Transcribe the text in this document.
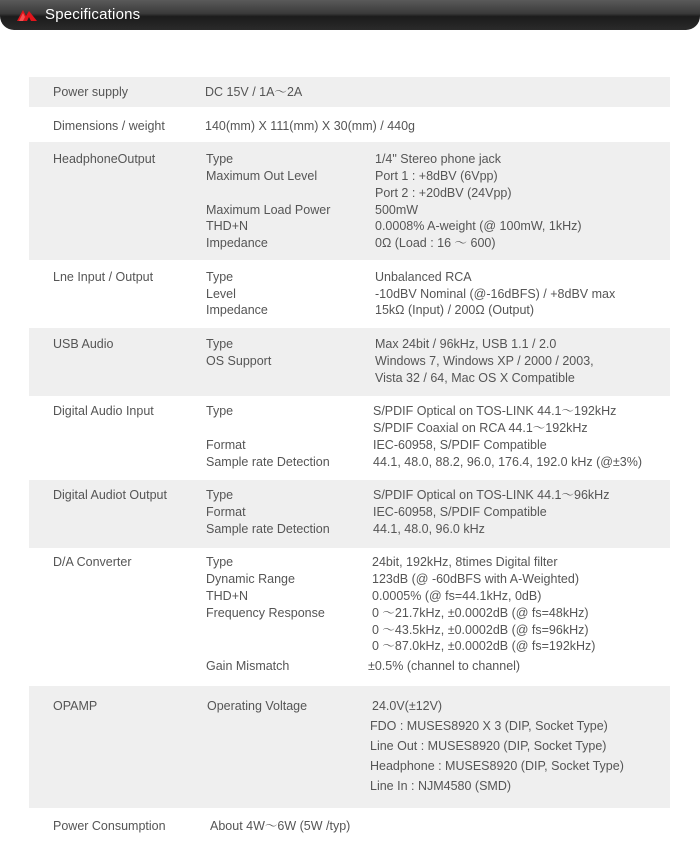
Specifications
Power supply	DC 15V / 1A～2A
Dimensions / weight	140(mm) X 111(mm) X 30(mm) / 440g
HeadphoneOutput	Type	1/4" Stereo phone jack
Maximum Out Level	Port 1 : +8dBV (6Vpp)
Port 2 : +20dBV (24Vpp)
Maximum Load Power	500mW
THD+N	0.0008% A-weight (@ 100mW, 1kHz)
Impedance	0Ω (Load : 16 ～ 600)
Lne Input / Output	Type	Unbalanced RCA
Level	-10dBV Nominal (@-16dBFS) / +8dBV max
Impedance	15kΩ (Input) / 200Ω (Output)
USB Audio	Type	Max 24bit / 96kHz, USB 1.1 / 2.0
OS Support	Windows 7, Windows XP / 2000 / 2003,
Vista 32 / 64, Mac OS X Compatible
Digital Audio Input	Type	S/PDIF Optical on TOS-LINK 44.1～192kHz
S/PDIF Coaxial on RCA 44.1～192kHz
Format	IEC-60958, S/PDIF Compatible
Sample rate Detection	44.1, 48.0, 88.2, 96.0, 176.4, 192.0 kHz (@±3%)
Digital Audiot Output	Type	S/PDIF Optical on TOS-LINK 44.1～96kHz
Format	IEC-60958, S/PDIF Compatible
Sample rate Detection	44.1, 48.0, 96.0 kHz
D/A Converter	Type	24bit, 192kHz, 8times Digital filter
Dynamic Range	123dB (@ -60dBFS with A-Weighted)
THD+N	0.0005% (@ fs=44.1kHz, 0dB)
Frequency Response	0 ～21.7kHz, ±0.0002dB (@ fs=48kHz)
0 ～43.5kHz, ±0.0002dB (@ fs=96kHz)
0 ～87.0kHz, ±0.0002dB (@ fs=192kHz)
Gain Mismatch	±0.5% (channel to channel)
OPAMP	Operating Voltage	24.0V(±12V)
FDO : MUSES8920 X 3 (DIP, Socket Type)
Line Out : MUSES8920 (DIP, Socket Type)
Headphone : MUSES8920 (DIP, Socket Type)
Line In : NJM4580 (SMD)
Power Consumption	About 4W～6W (5W /typ)
